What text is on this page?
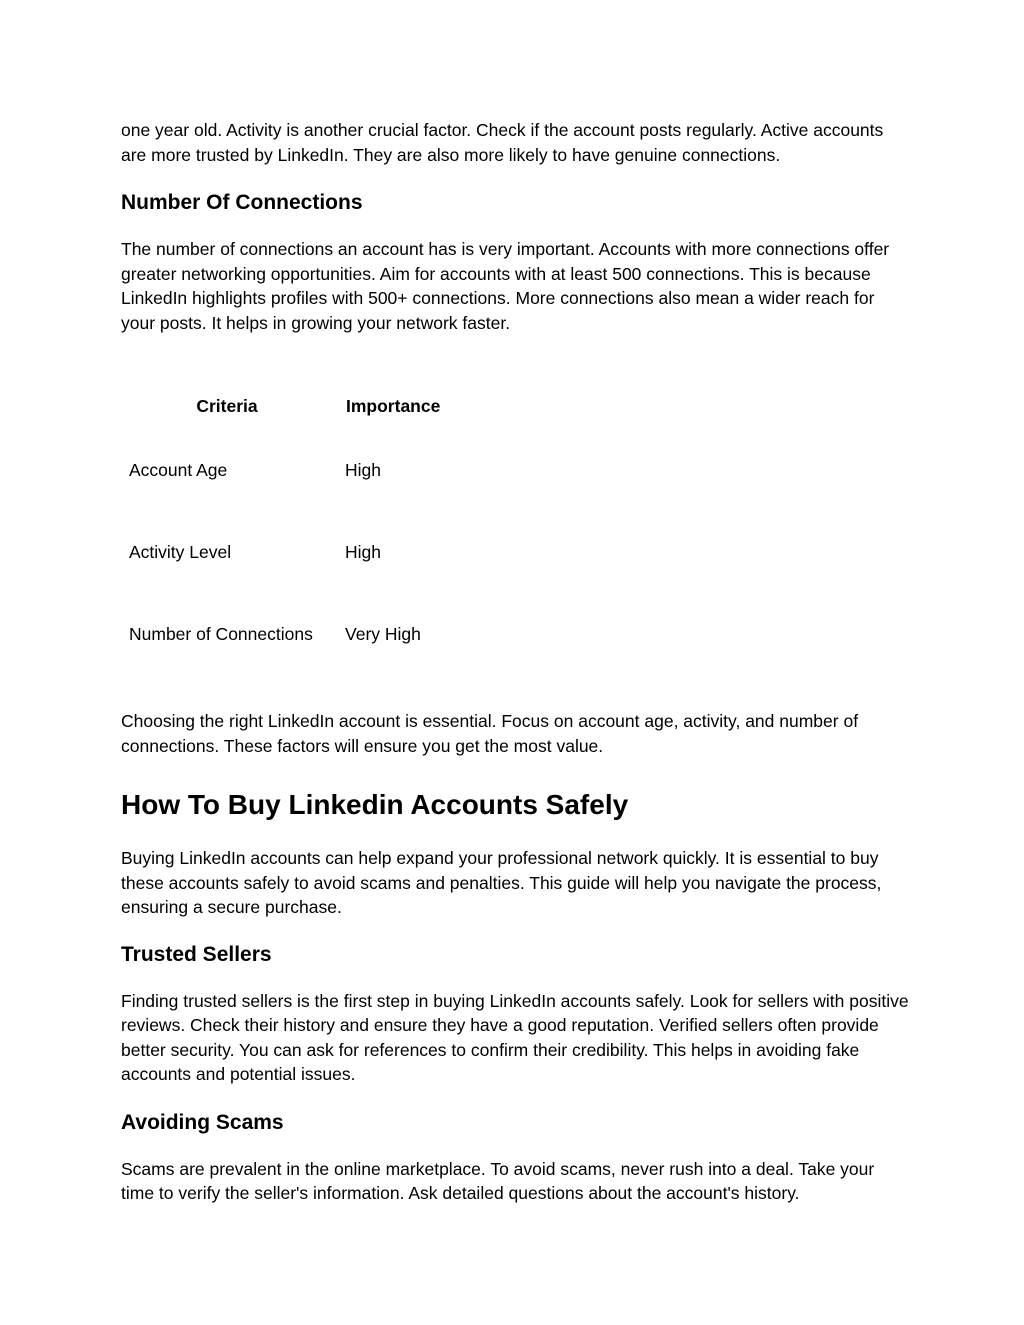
one year old. Activity is another crucial factor. Check if the account posts regularly. Active accounts are more trusted by LinkedIn. They are also more likely to have genuine connections.

Number Of Connections

The number of connections an account has is very important. Accounts with more connections offer greater networking opportunities. Aim for accounts with at least 500 connections. This is because LinkedIn highlights profiles with 500+ connections. More connections also mean a wider reach for your posts. It helps in growing your network faster.

Criteria	Importance
Account Age	High
Activity Level	High
Number of Connections	Very High

Choosing the right LinkedIn account is essential. Focus on account age, activity, and number of connections. These factors will ensure you get the most value.

How To Buy Linkedin Accounts Safely

Buying LinkedIn accounts can help expand your professional network quickly. It is essential to buy these accounts safely to avoid scams and penalties. This guide will help you navigate the process, ensuring a secure purchase.

Trusted Sellers

Finding trusted sellers is the first step in buying LinkedIn accounts safely. Look for sellers with positive reviews. Check their history and ensure they have a good reputation. Verified sellers often provide better security. You can ask for references to confirm their credibility. This helps in avoiding fake accounts and potential issues.

Avoiding Scams

Scams are prevalent in the online marketplace. To avoid scams, never rush into a deal. Take your time to verify the seller's information. Ask detailed questions about the account's history.
